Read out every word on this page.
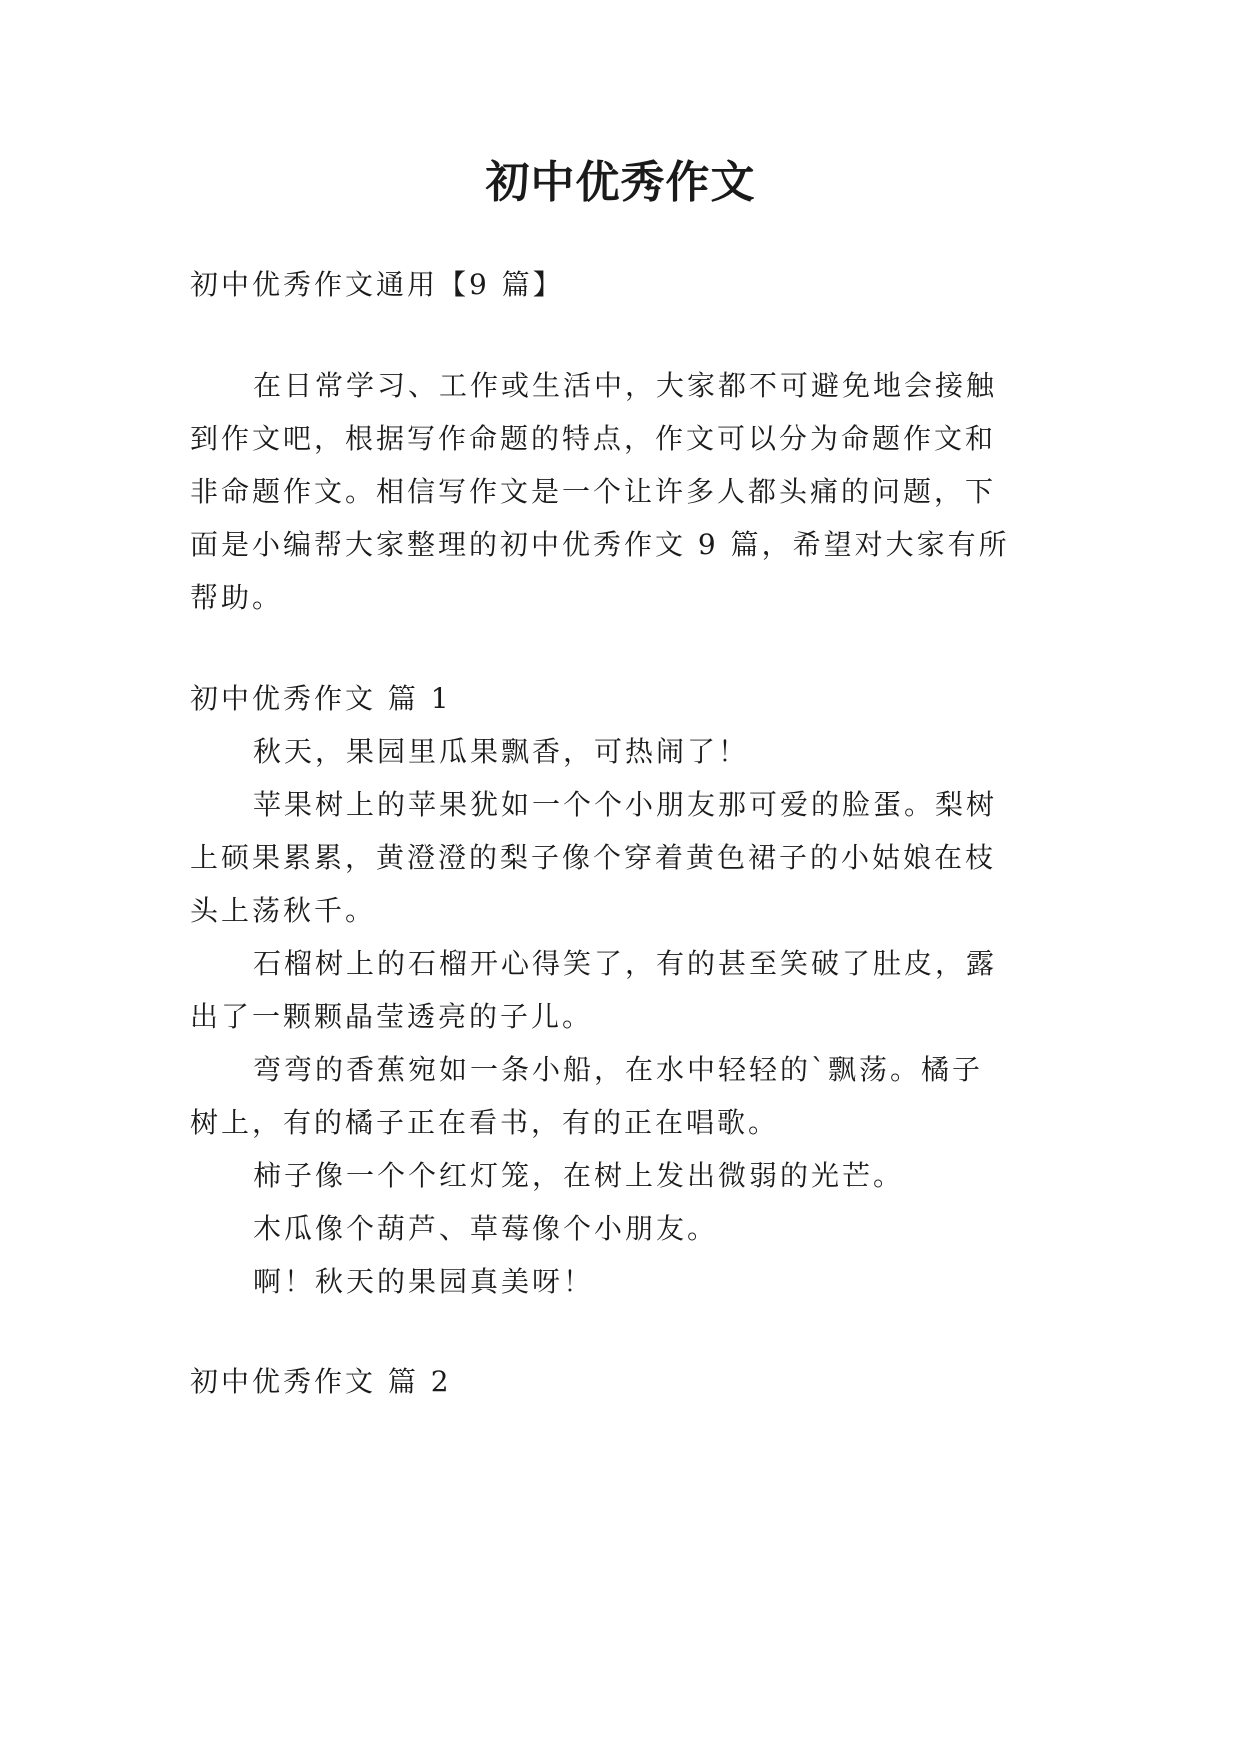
初中优秀作文
初中优秀作文通用【9 篇】
在日常学习、工作或生活中，大家都不可避免地会接触
到作文吧，根据写作命题的特点，作文可以分为命题作文和
非命题作文。相信写作文是一个让许多人都头痛的问题，下
面是小编帮大家整理的初中优秀作文 9 篇，希望对大家有所
帮助。
初中优秀作文 篇 1
秋天，果园里瓜果飘香，可热闹了！
苹果树上的苹果犹如一个个小朋友那可爱的脸蛋。梨树
上硕果累累，黄澄澄的梨子像个穿着黄色裙子的小姑娘在枝
头上荡秋千。
石榴树上的石榴开心得笑了，有的甚至笑破了肚皮，露
出了一颗颗晶莹透亮的子儿。
弯弯的香蕉宛如一条小船，在水中轻轻的`飘荡。橘子
树上，有的橘子正在看书，有的正在唱歌。
柿子像一个个红灯笼，在树上发出微弱的光芒。
木瓜像个葫芦、草莓像个小朋友。
啊！秋天的果园真美呀！
初中优秀作文 篇 2
